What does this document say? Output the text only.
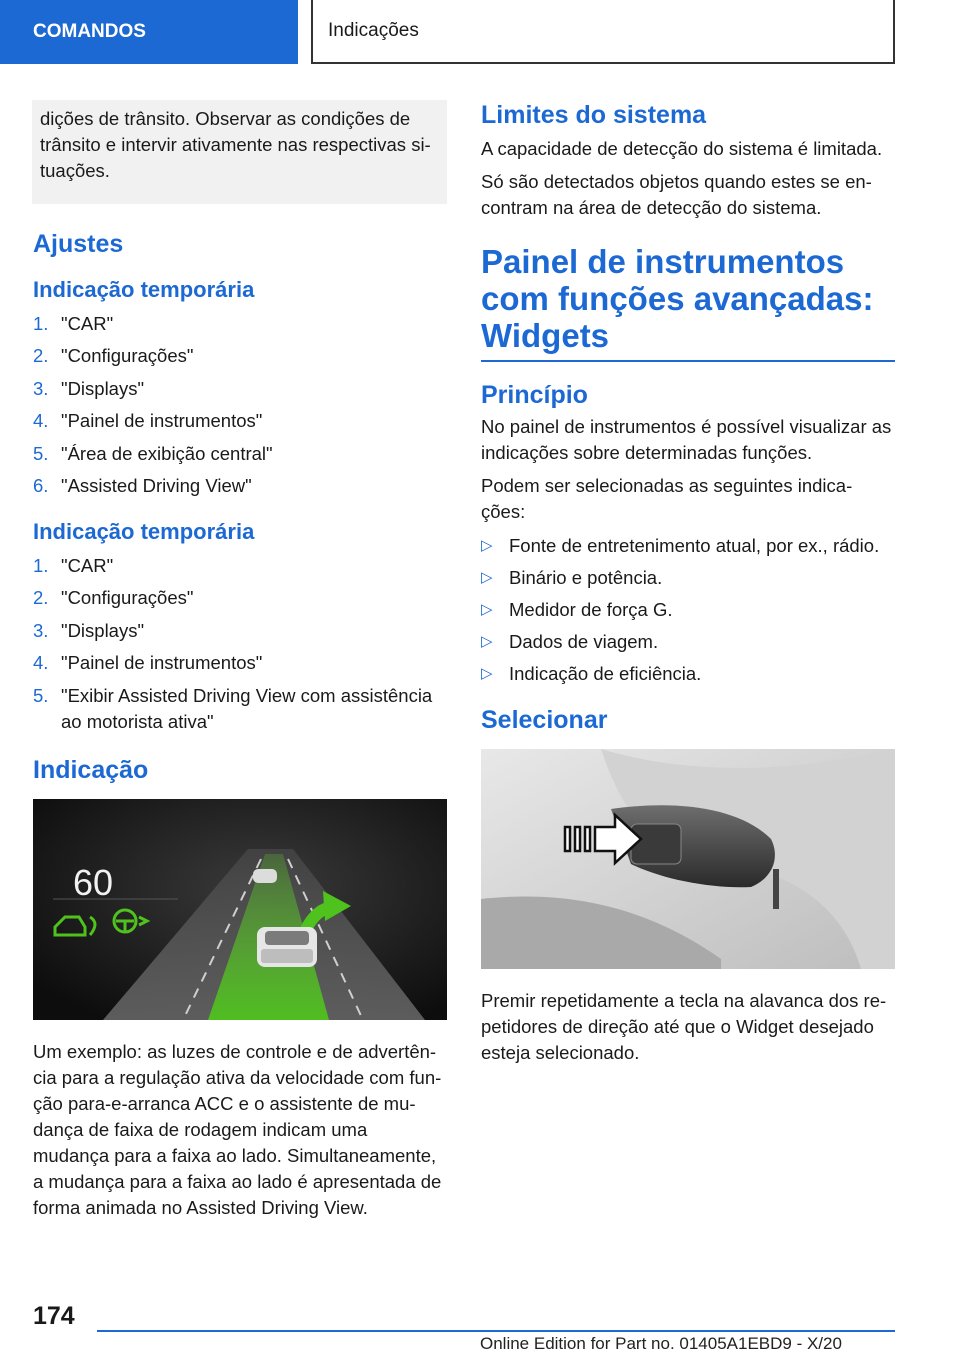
COMANDOS	Indicações
dições de trânsito. Observar as condições de trânsito e intervir ativamente nas respectivas si-tuações.
Ajustes
Indicação temporária
1. "CAR"
2. "Configurações"
3. "Displays"
4. "Painel de instrumentos"
5. "Área de exibição central"
6. "Assisted Driving View"
Indicação temporária
1. "CAR"
2. "Configurações"
3. "Displays"
4. "Painel de instrumentos"
5. "Exibir Assisted Driving View com assistência ao motorista ativa"
Indicação
60

Um exemplo: as luzes de controle e de advertên-cia para a regulação ativa da velocidade com fun-ção para-e-arranca ACC e o assistente de mu-dança de faixa de rodagem indicam uma mudança para a faixa ao lado. Simultaneamente, a mudança para a faixa ao lado é apresentada de forma animada no Assisted Driving View.

Limites do sistema

A capacidade de detecção do sistema é limitada.

Só são detectados objetos quando estes se en-contram na área de detecção do sistema.

Painel de instrumentos com funções avançadas: Widgets
Princípio

No painel de instrumentos é possível visualizar as indicações sobre determinadas funções.

Podem ser selecionadas as seguintes indica-ções:

▷ Fonte de entretenimento atual, por ex., rádio.
▷ Binário e potência.
▷ Medidor de força G.
▷ Dados de viagem.
▷ Indicação de eficiência.
Selecionar

Premir repetidamente a tecla na alavanca dos re-petidores de direção até que o Widget desejado esteja selecionado.

174
Online Edition for Part no. 01405A1EBD9 - X/20
